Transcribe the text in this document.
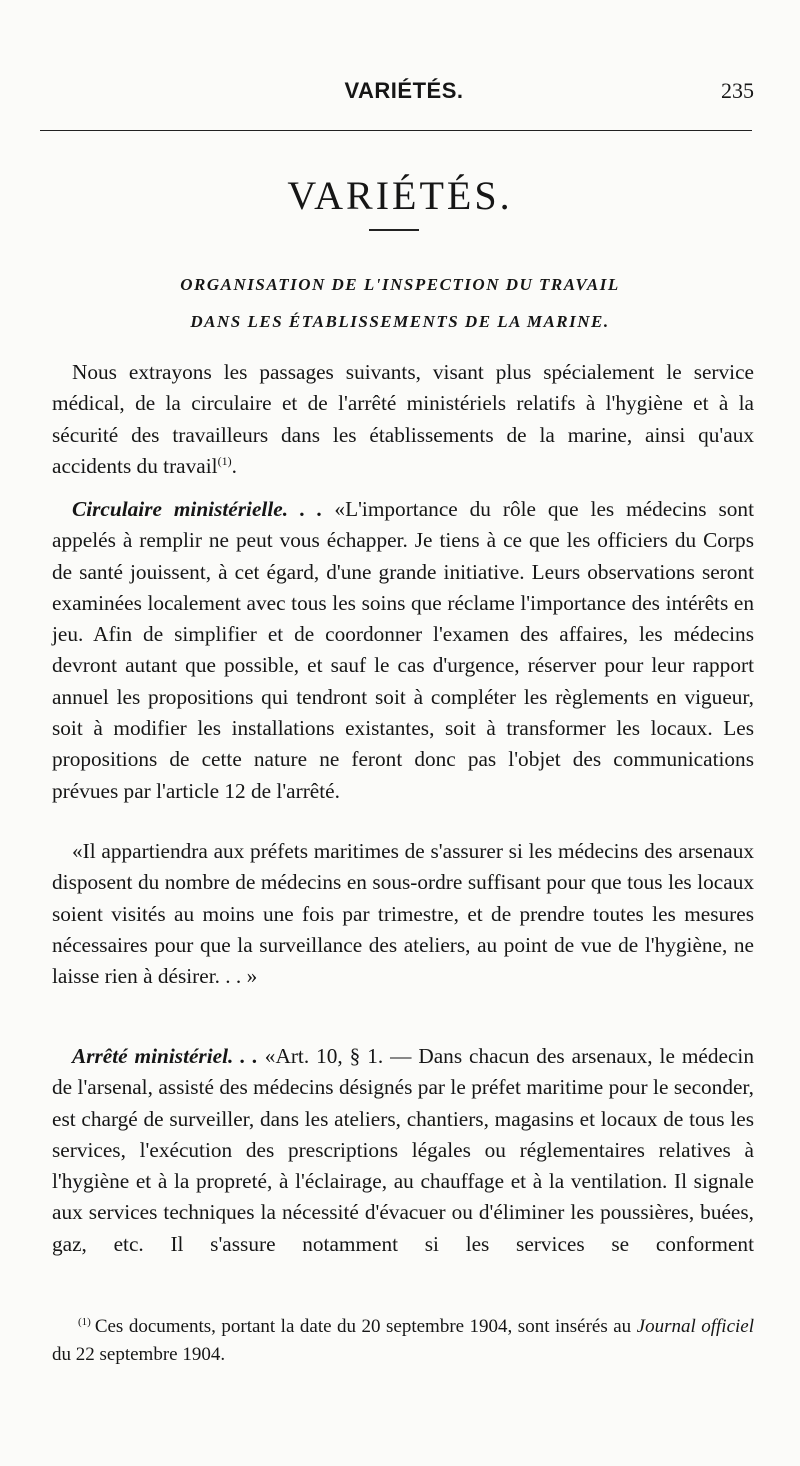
VARIÉTÉS.	235
VARIÉTÉS.
ORGANISATION DE L'INSPECTION DU TRAVAIL
DANS LES ÉTABLISSEMENTS DE LA MARINE.

Nous extrayons les passages suivants, visant plus spécialement le service médical, de la circulaire et de l'arrêté ministériels relatifs à l'hygiène et à la sécurité des travailleurs dans les établissements de la marine, ainsi qu'aux accidents du travail$^{(1)}$.

Circulaire ministérielle. . . «L'importance du rôle que les médecins sont appelés à remplir ne peut vous échapper. Je tiens à ce que les officiers du Corps de santé jouissent, à cet égard, d'une grande initiative. Leurs observations seront examinées localement avec tous les soins que réclame l'importance des intérêts en jeu. Afin de simplifier et de coordonner l'examen des affaires, les médecins devront autant que possible, et sauf le cas d'urgence, réserver pour leur rapport annuel les propositions qui tendront soit à compléter les règlements en vigueur, soit à modifier les installations existantes, soit à transformer les locaux. Les propositions de cette nature ne feront donc pas l'objet des communications prévues par l'article 12 de l'arrêté.

«Il appartiendra aux préfets maritimes de s'assurer si les médecins des arsenaux disposent du nombre de médecins en sous-ordre suffisant pour que tous les locaux soient visités au moins une fois par trimestre, et de prendre toutes les mesures nécessaires pour que la surveillance des ateliers, au point de vue de l'hygiène, ne laisse rien à désirer. . . »

Arrêté ministériel. . . «Art. 10, § 1. — Dans chacun des arsenaux, le médecin de l'arsenal, assisté des médecins désignés par le préfet maritime pour le seconder, est chargé de surveiller, dans les ateliers, chantiers, magasins et locaux de tous les services, l'exécution des prescriptions légales ou réglementaires relatives à l'hygiène et à la propreté, à l'éclairage, au chauffage et à la ventilation. Il signale aux services techniques la nécessité d'évacuer ou d'éliminer les poussières, buées, gaz, etc. Il s'assure notamment si les services se conforment

$^{(1)}$ Ces documents, portant la date du 20 septembre 1904, sont insérés au Journal officiel du 22 septembre 1904.
